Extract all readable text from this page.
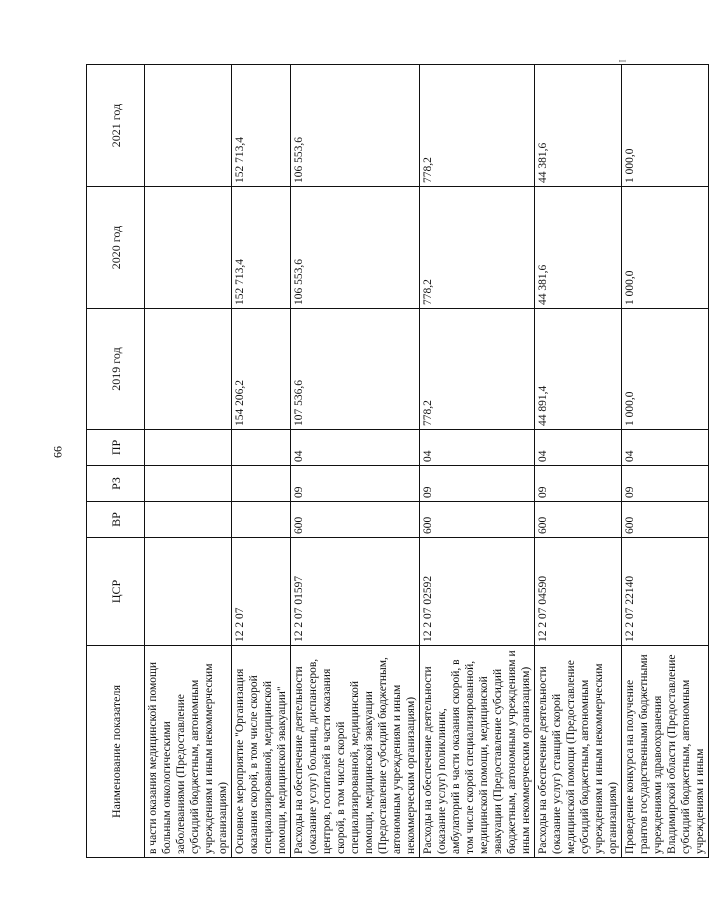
66
I
Наименование показателя	ЦСР	ВР	РЗ	ПР	2019 год	2020 год	2021 год
в части оказания медицинской помощи больным онкологическими заболеваниями (Предоставление субсидий бюджетным, автономным учреждениям и иным некоммерческим организациям)							
Основное мероприятие "Организация оказания скорой, в том числе скорой специализированной, медицинской помощи, медицинской эвакуации"	12 2 07				154 206,2	152 713,4	152 713,4
Расходы на обеспечение деятельности (оказание услуг) больниц, диспансеров, центров, госпиталей в части оказания скорой, в том числе скорой специализированной, медицинской помощи, медицинской эвакуации (Предоставление субсидий бюджетным, автономным учреждениям и иным некоммерческим организациям)	12 2 07 01597	600	09	04	107 536,6	106 553,6	106 553,6
Расходы на обеспечение деятельности (оказание услуг) поликлиник, амбулаторий в части оказания скорой, в том числе скорой специализированной, медицинской помощи, медицинской эвакуации (Предоставление субсидий бюджетным, автономным учреждениям и иным некоммерческим организациям)	12 2 07 02592	600	09	04	778,2	778,2	778,2
Расходы на обеспечение деятельности (оказание услуг) станций скорой медицинской помощи (Предоставление субсидий бюджетным, автономным учреждениям и иным некоммерческим организациям)	12 2 07 04590	600	09	04	44 891,4	44 381,6	44 381,6
Проведение конкурса на получение грантов государственными бюджетными учреждениями здравоохранения Владимирской области (Предоставление субсидий бюджетным, автономным учреждениям и иным	12 2 07 22140	600	09	04	1 000,0	1 000,0	1 000,0
